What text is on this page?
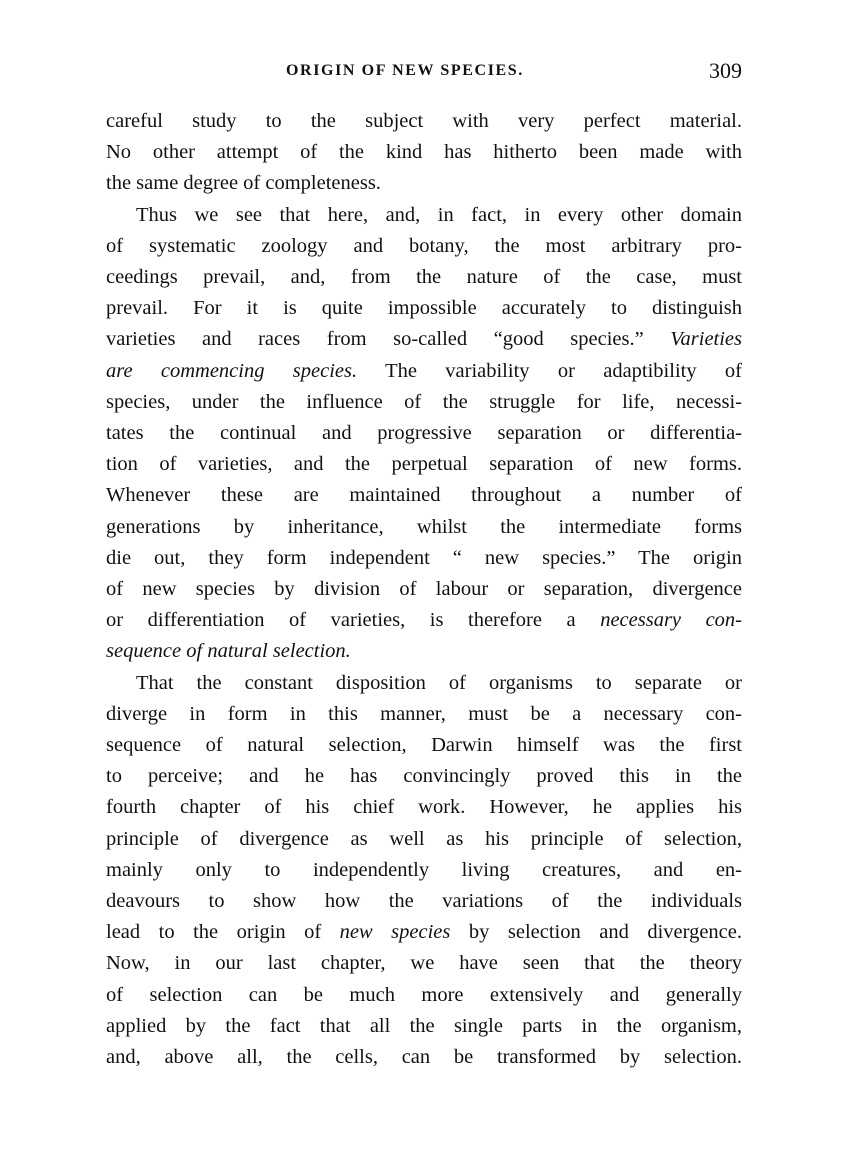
ORIGIN OF NEW SPECIES.	309

careful study to the subject with very perfect material.
No other attempt of the kind has hitherto been made with
the same degree of completeness.

Thus we see that here, and, in fact, in every other domain
of systematic zoology and botany, the most arbitrary pro-
ceedings prevail, and, from the nature of the case, must
prevail. For it is quite impossible accurately to distinguish
varieties and races from so-called “good species.” Varieties
are commencing species. The variability or adaptibility of
species, under the influence of the struggle for life, necessi-
tates the continual and progressive separation or differentia-
tion of varieties, and the perpetual separation of new forms.
Whenever these are maintained throughout a number of
generations by inheritance, whilst the intermediate forms
die out, they form independent “ new species.” The origin
of new species by division of labour or separation, divergence
or differentiation of varieties, is therefore a necessary con-
sequence of natural selection.

That the constant disposition of organisms to separate or
diverge in form in this manner, must be a necessary con-
sequence of natural selection, Darwin himself was the first
to perceive; and he has convincingly proved this in the
fourth chapter of his chief work. However, he applies his
principle of divergence as well as his principle of selection,
mainly only to independently living creatures, and en-
deavours to show how the variations of the individuals
lead to the origin of new species by selection and divergence.
Now, in our last chapter, we have seen that the theory
of selection can be much more extensively and generally
applied by the fact that all the single parts in the organism,
and, above all, the cells, can be transformed by selection.
